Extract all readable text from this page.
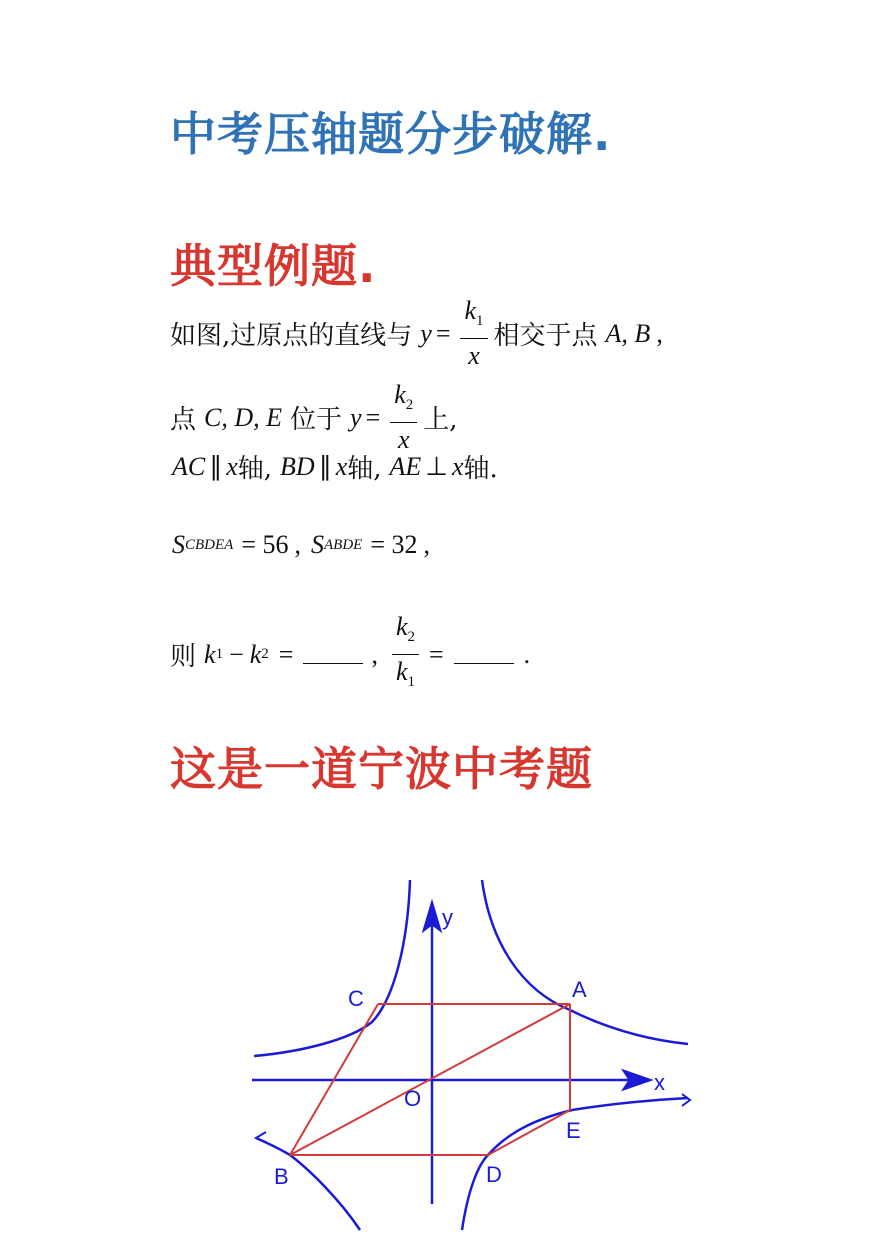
中考压轴题分步破解.
典型例题.
如图,过原点的直线与 $y = \frac{k_1}{x}$ 相交于点 A, B ,
点 C, D, E 位于 $y = \frac{k_2}{x}$ 上,
AC ∥ x 轴, BD ∥ x 轴, AE ⊥ x 轴.
S CBDEA = 56 , S ABDE = 32 ,
则 k 1 − k 2 =	, $\frac{k_2}{k_1}$ =	.
这是一道宁波中考题
y
x
A
C
O
E
B	D
